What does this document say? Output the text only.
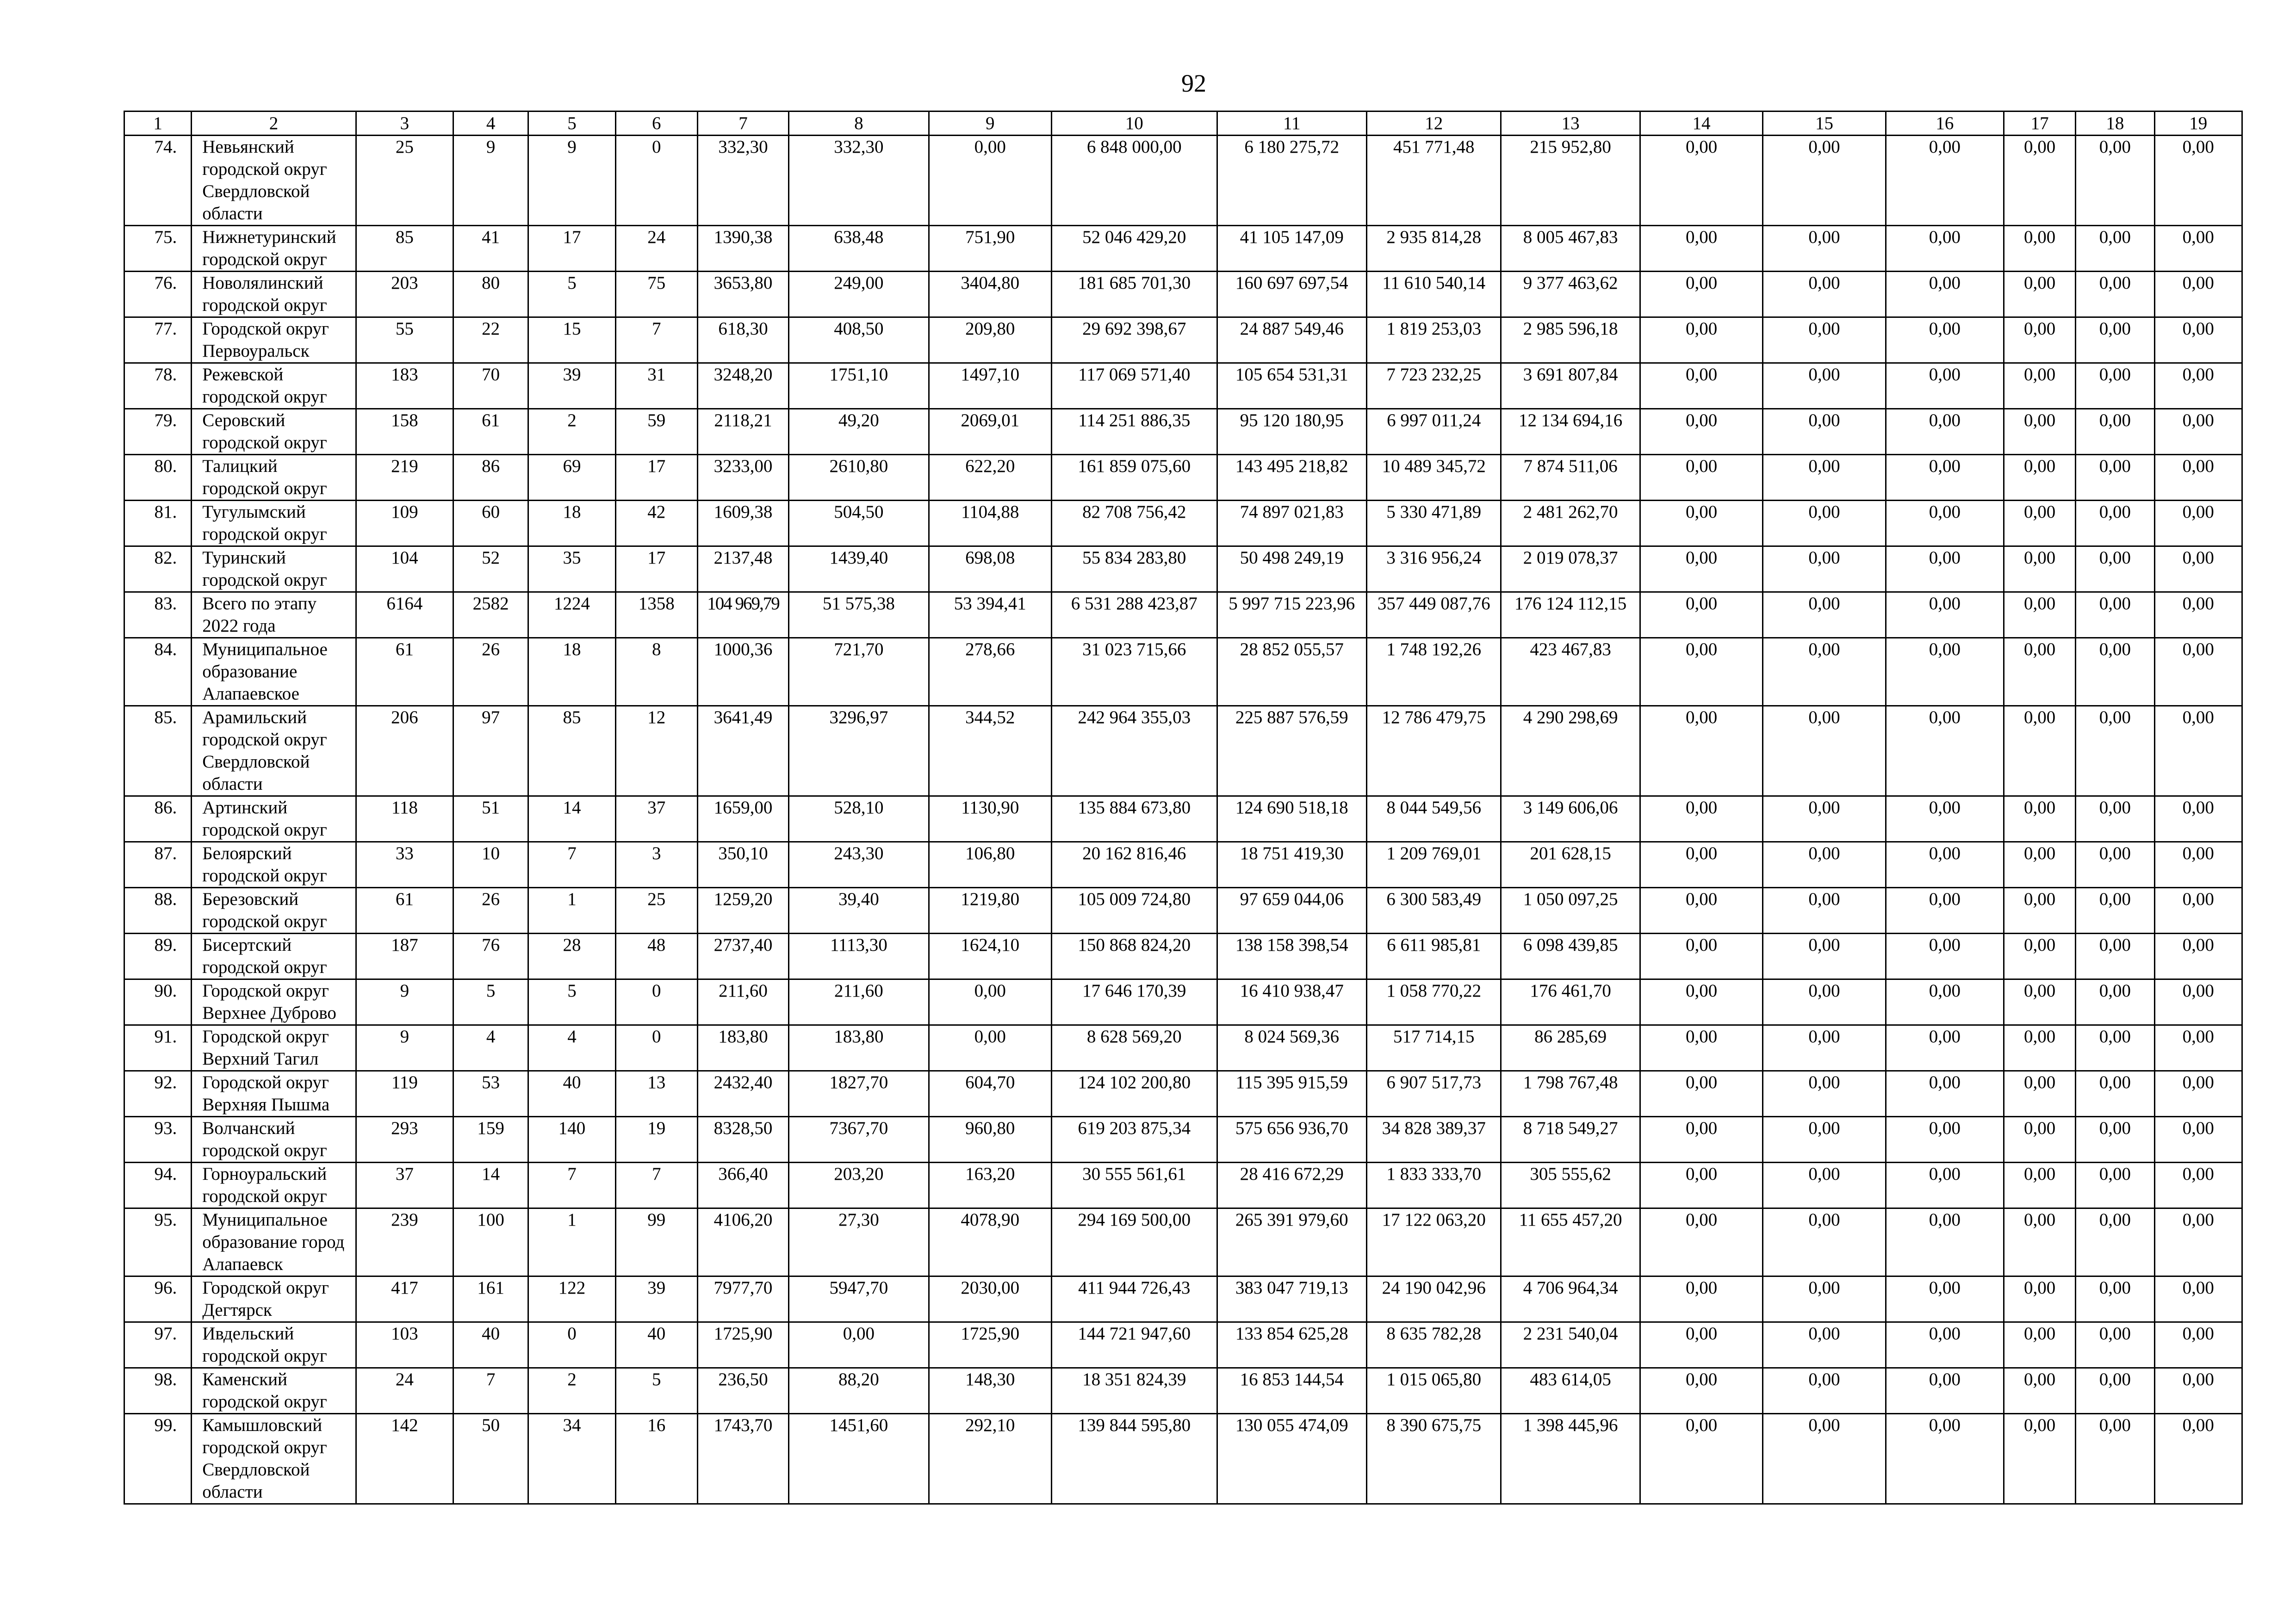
92
1	2	3	4	5	6	7	8	9	10	11	12	13	14	15	16	17	18	19
74.	Невьянский городской округ Свердловской области	25	9	9	0	332,30	332,30	0,00	6 848 000,00	6 180 275,72	451 771,48	215 952,80	0,00	0,00	0,00	0,00	0,00	0,00
75.	Нижнетуринский городской округ	85	41	17	24	1390,38	638,48	751,90	52 046 429,20	41 105 147,09	2 935 814,28	8 005 467,83	0,00	0,00	0,00	0,00	0,00	0,00
76.	Новолялинский городской округ	203	80	5	75	3653,80	249,00	3404,80	181 685 701,30	160 697 697,54	11 610 540,14	9 377 463,62	0,00	0,00	0,00	0,00	0,00	0,00
77.	Городской округ Первоуральск	55	22	15	7	618,30	408,50	209,80	29 692 398,67	24 887 549,46	1 819 253,03	2 985 596,18	0,00	0,00	0,00	0,00	0,00	0,00
78.	Режевской городской округ	183	70	39	31	3248,20	1751,10	1497,10	117 069 571,40	105 654 531,31	7 723 232,25	3 691 807,84	0,00	0,00	0,00	0,00	0,00	0,00
79.	Серовский городской округ	158	61	2	59	2118,21	49,20	2069,01	114 251 886,35	95 120 180,95	6 997 011,24	12 134 694,16	0,00	0,00	0,00	0,00	0,00	0,00
80.	Талицкий городской округ	219	86	69	17	3233,00	2610,80	622,20	161 859 075,60	143 495 218,82	10 489 345,72	7 874 511,06	0,00	0,00	0,00	0,00	0,00	0,00
81.	Тугулымский городской округ	109	60	18	42	1609,38	504,50	1104,88	82 708 756,42	74 897 021,83	5 330 471,89	2 481 262,70	0,00	0,00	0,00	0,00	0,00	0,00
82.	Туринский городской округ	104	52	35	17	2137,48	1439,40	698,08	55 834 283,80	50 498 249,19	3 316 956,24	2 019 078,37	0,00	0,00	0,00	0,00	0,00	0,00
83.	Всего по этапу 2022 года	6164	2582	1224	1358	104 969,79	51 575,38	53 394,41	6 531 288 423,87	5 997 715 223,96	357 449 087,76	176 124 112,15	0,00	0,00	0,00	0,00	0,00	0,00
84.	Муниципальное образование Алапаевское	61	26	18	8	1000,36	721,70	278,66	31 023 715,66	28 852 055,57	1 748 192,26	423 467,83	0,00	0,00	0,00	0,00	0,00	0,00
85.	Арамильский городской округ Свердловской области	206	97	85	12	3641,49	3296,97	344,52	242 964 355,03	225 887 576,59	12 786 479,75	4 290 298,69	0,00	0,00	0,00	0,00	0,00	0,00
86.	Артинский городской округ	118	51	14	37	1659,00	528,10	1130,90	135 884 673,80	124 690 518,18	8 044 549,56	3 149 606,06	0,00	0,00	0,00	0,00	0,00	0,00
87.	Белоярский городской округ	33	10	7	3	350,10	243,30	106,80	20 162 816,46	18 751 419,30	1 209 769,01	201 628,15	0,00	0,00	0,00	0,00	0,00	0,00
88.	Березовский городской округ	61	26	1	25	1259,20	39,40	1219,80	105 009 724,80	97 659 044,06	6 300 583,49	1 050 097,25	0,00	0,00	0,00	0,00	0,00	0,00
89.	Бисертский городской округ	187	76	28	48	2737,40	1113,30	1624,10	150 868 824,20	138 158 398,54	6 611 985,81	6 098 439,85	0,00	0,00	0,00	0,00	0,00	0,00
90.	Городской округ Верхнее Дуброво	9	5	5	0	211,60	211,60	0,00	17 646 170,39	16 410 938,47	1 058 770,22	176 461,70	0,00	0,00	0,00	0,00	0,00	0,00
91.	Городской округ Верхний Тагил	9	4	4	0	183,80	183,80	0,00	8 628 569,20	8 024 569,36	517 714,15	86 285,69	0,00	0,00	0,00	0,00	0,00	0,00
92.	Городской округ Верхняя Пышма	119	53	40	13	2432,40	1827,70	604,70	124 102 200,80	115 395 915,59	6 907 517,73	1 798 767,48	0,00	0,00	0,00	0,00	0,00	0,00
93.	Волчанский городской округ	293	159	140	19	8328,50	7367,70	960,80	619 203 875,34	575 656 936,70	34 828 389,37	8 718 549,27	0,00	0,00	0,00	0,00	0,00	0,00
94.	Горноуральский городской округ	37	14	7	7	366,40	203,20	163,20	30 555 561,61	28 416 672,29	1 833 333,70	305 555,62	0,00	0,00	0,00	0,00	0,00	0,00
95.	Муниципальное образование город Алапаевск	239	100	1	99	4106,20	27,30	4078,90	294 169 500,00	265 391 979,60	17 122 063,20	11 655 457,20	0,00	0,00	0,00	0,00	0,00	0,00
96.	Городской округ Дегтярск	417	161	122	39	7977,70	5947,70	2030,00	411 944 726,43	383 047 719,13	24 190 042,96	4 706 964,34	0,00	0,00	0,00	0,00	0,00	0,00
97.	Ивдельский городской округ	103	40	0	40	1725,90	0,00	1725,90	144 721 947,60	133 854 625,28	8 635 782,28	2 231 540,04	0,00	0,00	0,00	0,00	0,00	0,00
98.	Каменский городской округ	24	7	2	5	236,50	88,20	148,30	18 351 824,39	16 853 144,54	1 015 065,80	483 614,05	0,00	0,00	0,00	0,00	0,00	0,00
99.	Камышловский городской округ Свердловской области	142	50	34	16	1743,70	1451,60	292,10	139 844 595,80	130 055 474,09	8 390 675,75	1 398 445,96	0,00	0,00	0,00	0,00	0,00	0,00
